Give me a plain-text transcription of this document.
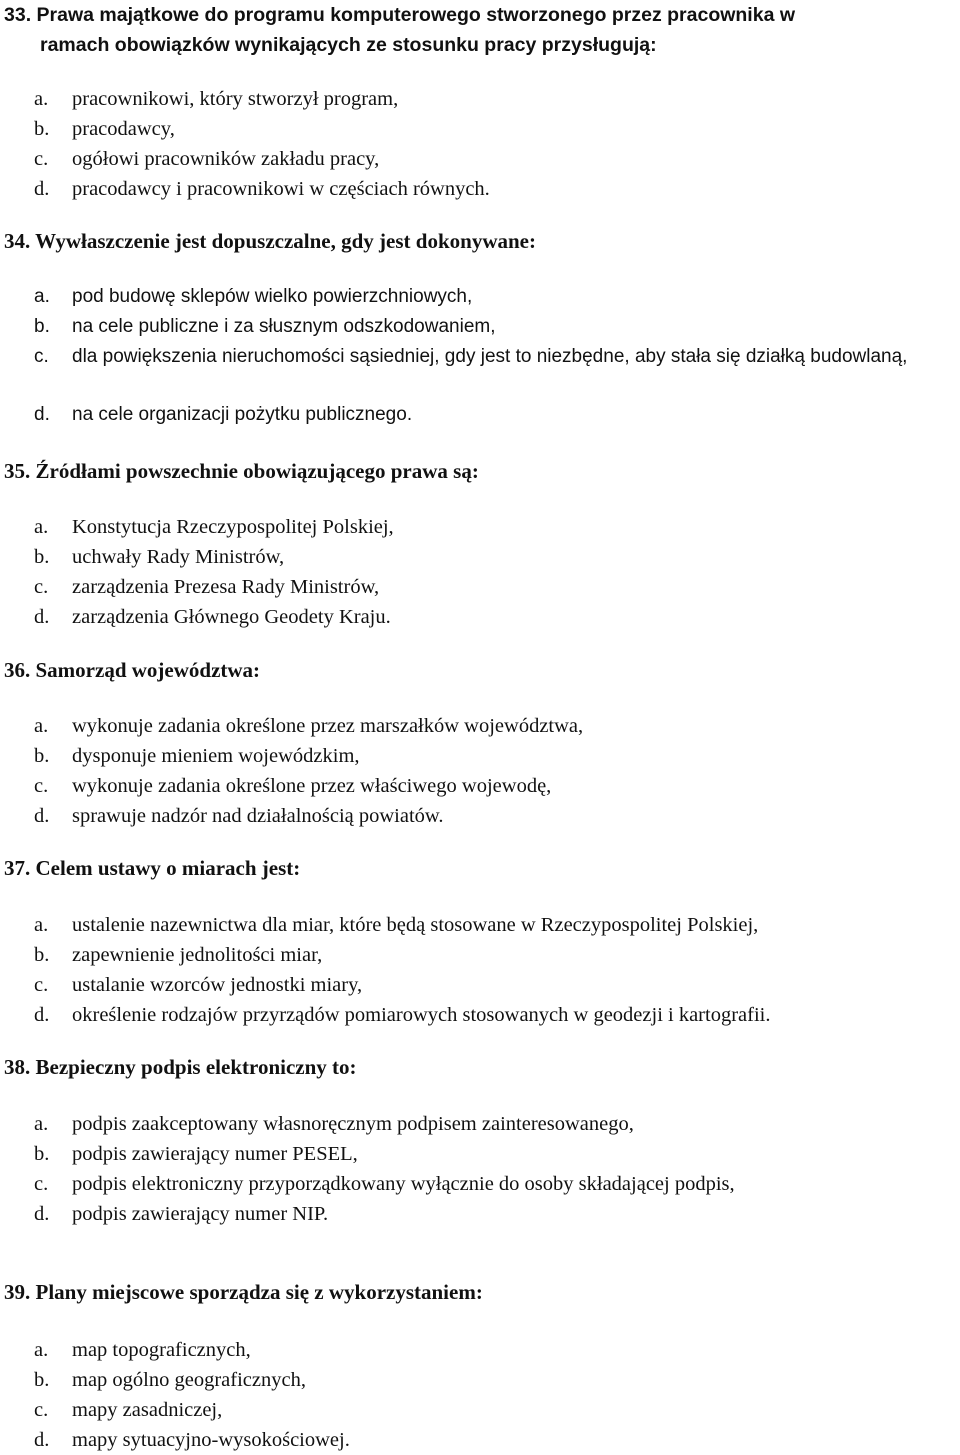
33. Prawa majątkowe do programu komputerowego stworzonego przez pracownika w
ramach obowiązków wynikających ze stosunku pracy przysługują:
a. pracownikowi, który stworzył program,
b. pracodawcy,
c. ogółowi pracowników zakładu pracy,
d. pracodawcy i pracownikowi w częściach równych.
34. Wywłaszczenie jest dopuszczalne, gdy jest dokonywane:
a. pod budowę sklepów wielko powierzchniowych,
b. na cele publiczne i za słusznym odszkodowaniem,
c. dla powiększenia nieruchomości sąsiedniej, gdy jest to niezbędne, aby stała się działką budowlaną,
d. na cele organizacji pożytku publicznego.
35. Źródłami powszechnie obowiązującego prawa są:
a. Konstytucja Rzeczypospolitej Polskiej,
b. uchwały Rady Ministrów,
c. zarządzenia Prezesa Rady Ministrów,
d. zarządzenia Głównego Geodety Kraju.
36. Samorząd województwa:
a. wykonuje zadania określone przez marszałków województwa,
b. dysponuje mieniem wojewódzkim,
c. wykonuje zadania określone przez właściwego wojewodę,
d. sprawuje nadzór nad działalnością powiatów.
37. Celem ustawy o miarach jest:
a. ustalenie nazewnictwa dla miar, które będą stosowane w Rzeczypospolitej Polskiej,
b. zapewnienie jednolitości miar,
c. ustalanie wzorców jednostki miary,
d. określenie rodzajów przyrządów pomiarowych stosowanych w geodezji i kartografii.
38. Bezpieczny podpis elektroniczny to:
a. podpis zaakceptowany własnoręcznym podpisem zainteresowanego,
b. podpis zawierający numer PESEL,
c. podpis elektroniczny przyporządkowany wyłącznie do osoby składającej podpis,
d. podpis zawierający numer NIP.
39. Plany miejscowe sporządza się z wykorzystaniem:
a. map topograficznych,
b. map ogólno geograficznych,
c. mapy zasadniczej,
d. mapy sytuacyjno-wysokościowej.
